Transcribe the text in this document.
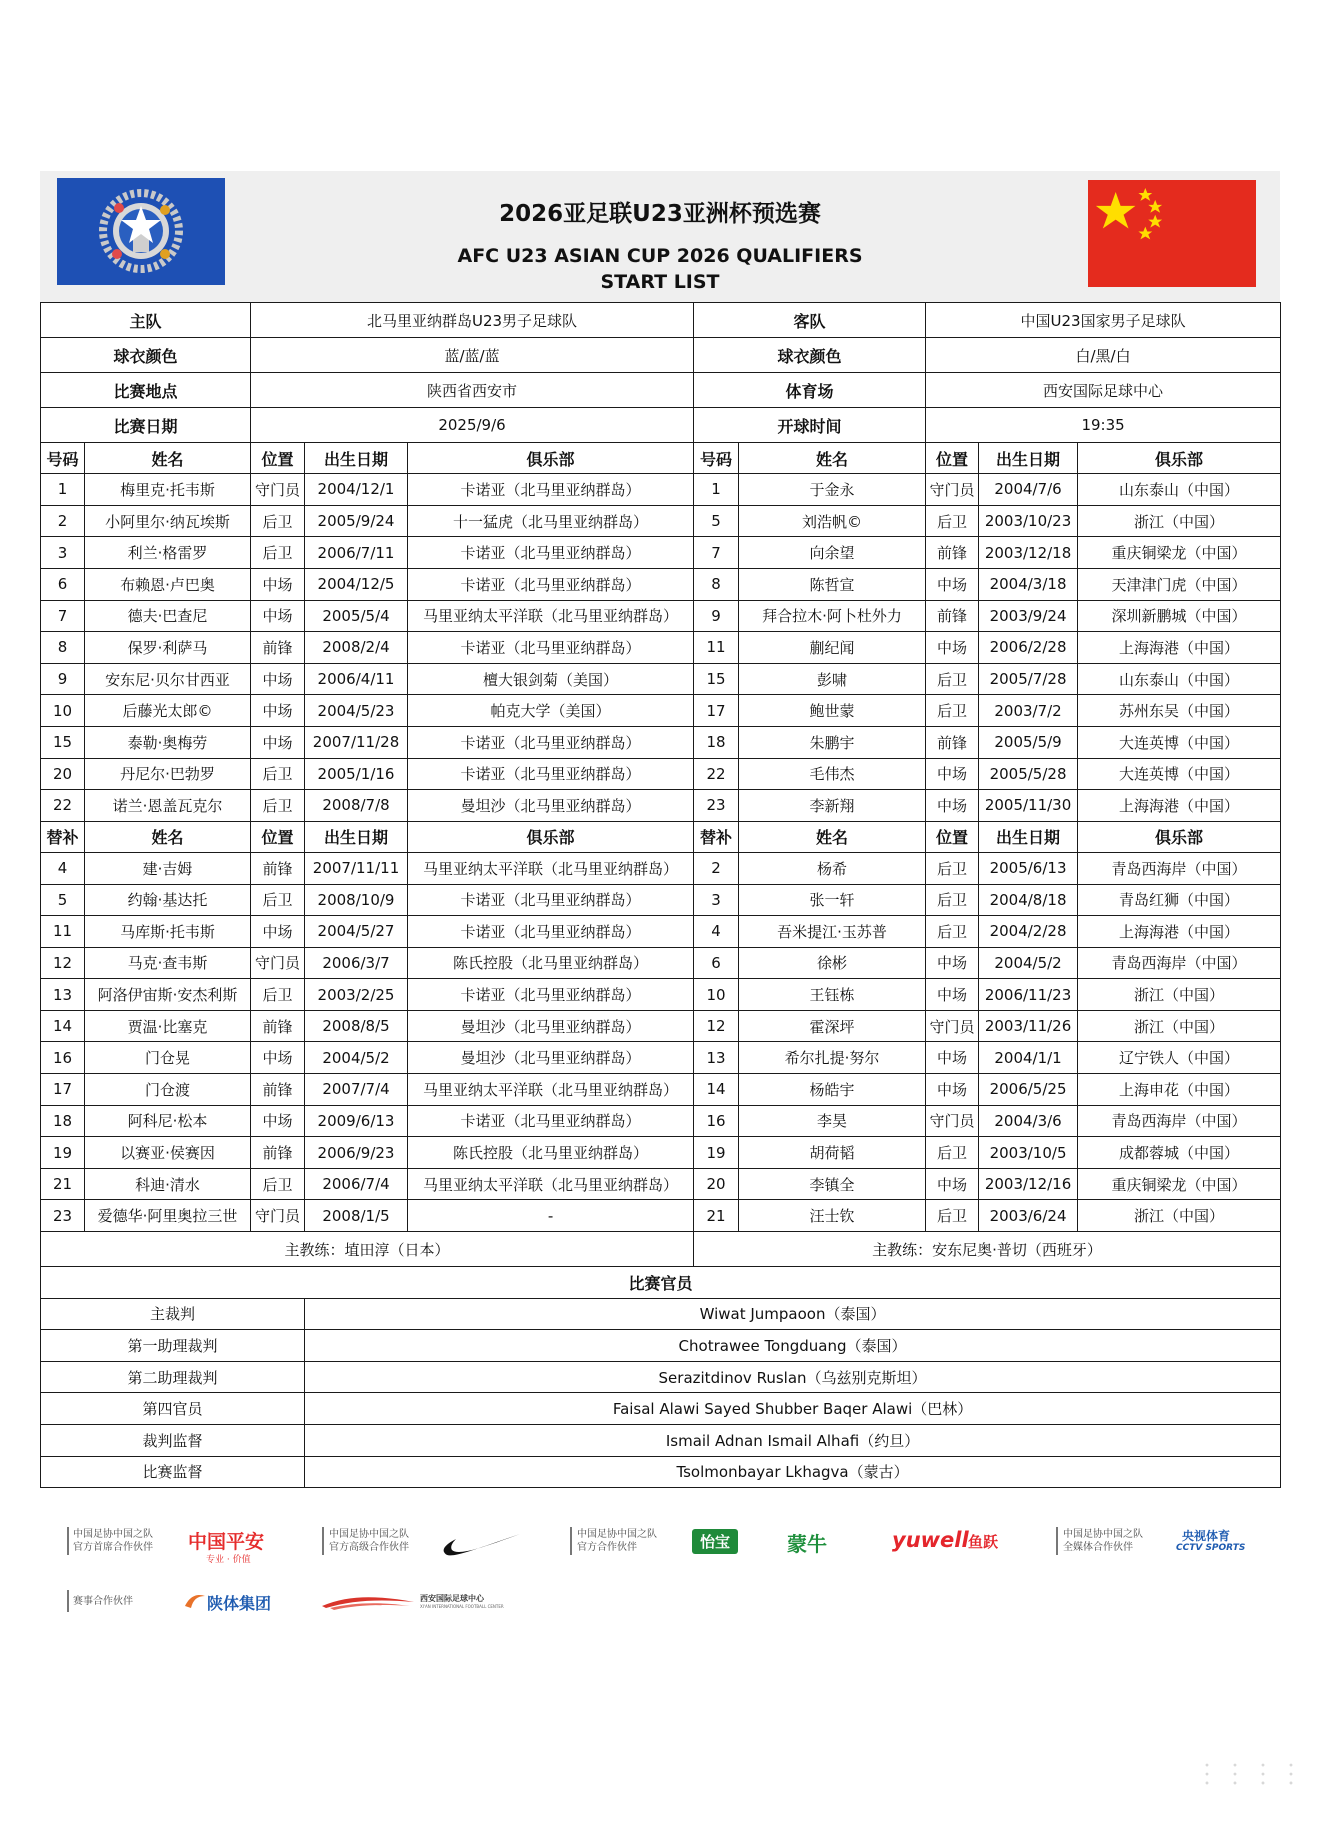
2026亚足联U23亚洲杯预选赛
AFC U23 ASIAN CUP 2026 QUALIFIERS
START LIST
主队		北马里亚纳群岛U23男子足球队			客队		中国U23国家男子足球队		
球衣颜色		蓝/蓝/蓝			球衣颜色		白/黑/白		
比赛地点		陕西省西安市			体育场		西安国际足球中心		
比赛日期		2025/9/6			开球时间		19:35		
号码	姓名	位置	出生日期	俱乐部	号码	姓名	位置	出生日期	俱乐部
1	梅里克·托韦斯	守门员	2004/12/1	卡诺亚（北马里亚纳群岛）	1	于金永	守门员	2004/7/6	山东泰山（中国）
2	小阿里尔·纳瓦埃斯	后卫	2005/9/24	十一猛虎（北马里亚纳群岛）	5	刘浩帆©	后卫	2003/10/23	浙江（中国）
3	利兰·格雷罗	后卫	2006/7/11	卡诺亚（北马里亚纳群岛）	7	向余望	前锋	2003/12/18	重庆铜梁龙（中国）
6	布赖恩·卢巴奥	中场	2004/12/5	卡诺亚（北马里亚纳群岛）	8	陈哲宣	中场	2004/3/18	天津津门虎（中国）
7	德夫·巴查尼	中场	2005/5/4	马里亚纳太平洋联（北马里亚纳群岛）	9	拜合拉木·阿卜杜外力	前锋	2003/9/24	深圳新鹏城（中国）
8	保罗·利萨马	前锋	2008/2/4	卡诺亚（北马里亚纳群岛）	11	蒯纪闻	中场	2006/2/28	上海海港（中国）
9	安东尼·贝尔甘西亚	中场	2006/4/11	檀大银剑菊（美国）	15	彭啸	后卫	2005/7/28	山东泰山（中国）
10	后藤光太郎©	中场	2004/5/23	帕克大学（美国）	17	鲍世蒙	后卫	2003/7/2	苏州东吴（中国）
15	泰勒·奥梅劳	中场	2007/11/28	卡诺亚（北马里亚纳群岛）	18	朱鹏宇	前锋	2005/5/9	大连英博（中国）
20	丹尼尔·巴勃罗	后卫	2005/1/16	卡诺亚（北马里亚纳群岛）	22	毛伟杰	中场	2005/5/28	大连英博（中国）
22	诺兰·恩盖瓦克尔	后卫	2008/7/8	曼坦沙（北马里亚纳群岛）	23	李新翔	中场	2005/11/30	上海海港（中国）
替补	姓名	位置	出生日期	俱乐部	替补	姓名	位置	出生日期	俱乐部
4	建·吉姆	前锋	2007/11/11	马里亚纳太平洋联（北马里亚纳群岛）	2	杨希	后卫	2005/6/13	青岛西海岸（中国）
5	约翰·基达托	后卫	2008/10/9	卡诺亚（北马里亚纳群岛）	3	张一轩	后卫	2004/8/18	青岛红狮（中国）
11	马库斯·托韦斯	中场	2004/5/27	卡诺亚（北马里亚纳群岛）	4	吾米提江·玉苏普	后卫	2004/2/28	上海海港（中国）
12	马克·查韦斯	守门员	2006/3/7	陈氏控股（北马里亚纳群岛）	6	徐彬	中场	2004/5/2	青岛西海岸（中国）
13	阿洛伊宙斯·安杰利斯	后卫	2003/2/25	卡诺亚（北马里亚纳群岛）	10	王钰栋	中场	2006/11/23	浙江（中国）
14	贾温·比塞克	前锋	2008/8/5	曼坦沙（北马里亚纳群岛）	12	霍深坪	守门员	2003/11/26	浙江（中国）
16	门仓晃	中场	2004/5/2	曼坦沙（北马里亚纳群岛）	13	希尔扎提·努尔	中场	2004/1/1	辽宁铁人（中国）
17	门仓渡	前锋	2007/7/4	马里亚纳太平洋联（北马里亚纳群岛）	14	杨皓宇	中场	2006/5/25	上海申花（中国）
18	阿科尼·松本	中场	2009/6/13	卡诺亚（北马里亚纳群岛）	16	李昊	守门员	2004/3/6	青岛西海岸（中国）
19	以赛亚·侯赛因	前锋	2006/9/23	陈氏控股（北马里亚纳群岛）	19	胡荷韬	后卫	2003/10/5	成都蓉城（中国）
21	科迪·清水	后卫	2006/7/4	马里亚纳太平洋联（北马里亚纳群岛）	20	李镇全	中场	2003/12/16	重庆铜梁龙（中国）
23	爱德华·阿里奥拉三世	守门员	2008/1/5	-	21	汪士钦	后卫	2003/6/24	浙江（中国）
主教练：埴田淳（日本）					主教练：安东尼奥·普切（西班牙）				
比赛官员									
主裁判			Wiwat Jumpaoon（泰国）						
第一助理裁判			Chotrawee Tongduang（泰国）						
第二助理裁判			Serazitdinov Ruslan（乌兹别克斯坦）						
第四官员			Faisal Alawi Sayed Shubber Baqer Alawi（巴林）						
裁判监督			Ismail Adnan Ismail Alhafi（约旦）						
比赛监督			Tsolmonbayar Lkhagva（蒙古）						
中国足协中国之队
官方首席合作伙伴 中国平安
专业 · 价值
中国足协中国之队
官方高级合作伙伴
中国足协中国之队
官方合作伙伴	怡宝	蒙牛	yuwell 鱼跃	中国足协中国之队
全媒体合作伙伴
央视体育
CCTV SPORTS
赛事合作伙伴	陕体集团	西安国际足球中心
XI'AN INTERNATIONAL FOOTBALL CENTER
︙︙︙︙
